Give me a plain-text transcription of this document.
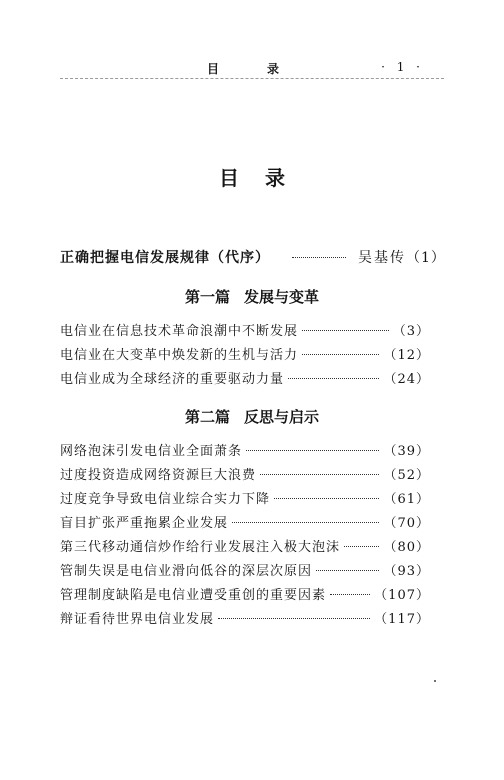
目　录	· 1 ·
目录
正确把握电信发展规律（代序）	吴基传 （1）
第一篇 发展与变革
电信业在信息技术革命浪潮中不断发展	（3）
电信业在大变革中焕发新的生机与活力	（12）
电信业成为全球经济的重要驱动力量	（24）
第二篇 反思与启示
网络泡沫引发电信业全面萧条	（39）
过度投资造成网络资源巨大浪费	（52）
过度竞争导致电信业综合实力下降	（61）
盲目扩张严重拖累企业发展	（70）
第三代移动通信炒作给行业发展注入极大泡沫	（80）
管制失误是电信业滑向低谷的深层次原因	（93）
管理制度缺陷是电信业遭受重创的重要因素	（107）
辩证看待世界电信业发展	（117）
